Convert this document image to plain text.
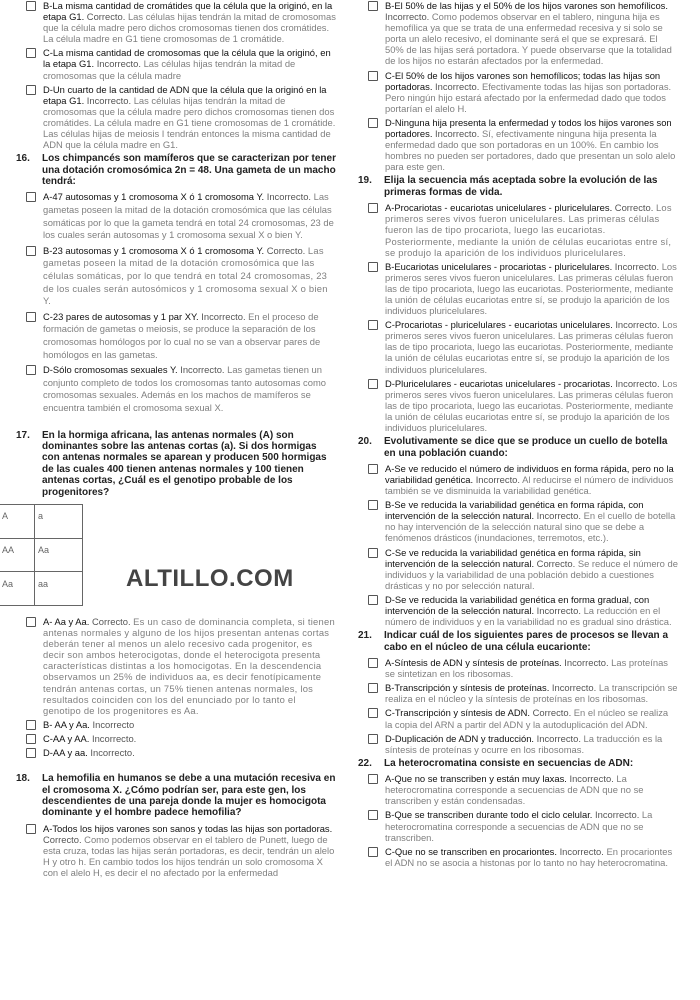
B-La misma cantidad de cromátides que la célula que la originó, en la etapa G1. Correcto. Las células hijas tendrán la mitad de cromosomas que la célula madre pero dichos cromosomas tienen dos cromátides. La célula madre en G1 tiene cromosomas de 1 cromátide.
C-La misma cantidad de cromosomas que la célula que la originó, en la etapa G1. Incorrecto. Las células hijas tendrán la mitad de cromosomas que la célula madre
D-Un cuarto de la cantidad de ADN que la célula que la originó en la etapa G1. Incorrecto. Las células hijas tendrán la mitad de cromosomas que la célula madre pero dichos cromosomas tienen dos cromátides. La célula madre en G1 tiene cromosomas de 1 cromátide. Las células hijas de meiosis I tendrán entonces la misma cantidad de ADN que la célula madre en G1.
16.	Los chimpancés son mamíferos que se caracterizan por tener una dotación cromosómica 2n = 48. Una gameta de un macho tendrá:
A-47 autosomas y 1 cromosoma X ó 1 cromosoma Y. Incorrecto. Las gametas poseen la mitad de la dotación cromosómica que las células somáticas por lo que la gameta tendrá en total 24 cromosomas, 23 de los cuales serán autosomas y 1 cromosoma sexual X o bien Y.
B-23 autosomas y 1 cromosoma X ó 1 cromosoma Y. Correcto. Las gametas poseen la mitad de la dotación cromosómica que las células somáticas, por lo que tendrá en total 24 cromosomas, 23 de los cuales serán autosómicos y 1 cromosoma sexual X o bien Y.
C-23 pares de autosomas y 1 par XY. Incorrecto. En el proceso de formación de gametas o meiosis, se produce la separación de los cromosomas homólogos por lo cual no se van a observar pares de homólogos en las gametas.
D-Sólo cromosomas sexuales Y. Incorrecto. Las gametas tienen un conjunto completo de todos los cromosomas tanto autosomas como cromosomas sexuales. Además en los machos de mamíferos se encuentra también el cromosoma sexual X.
17.	En la hormiga africana, las antenas normales (A) son dominantes sobre las antenas cortas (a). Si dos hormigas con antenas normales se aparean y producen 500 hormigas de las cuales 400 tienen antenas normales y 100 tienen antenas cortas, ¿Cuál es el genotipo probable de los progenitores?
A	a
AA	Aa
Aa	aa
A- Aa y Aa. Correcto. Es un caso de dominancia completa, si tienen antenas normales y alguno de los hijos presentan antenas cortas deberán tener al menos un alelo recesivo cada progenitor, es decir son ambos heterocigotas, donde el heterocigota presenta características distintas a los homocigotas. En la descendencia observamos un 25% de individuos aa, es decir fenotípicamente tendrán antenas cortas, un 75% tienen antenas normales, los resultados coinciden con los del enunciado por lo tanto el genotipo de los progenitores es Aa.
B- AA y Aa. Incorrecto
C-AA y AA. Incorrecto.
D-AA y aa. Incorrecto.
18.	La hemofilia en humanos se debe a una mutación recesiva en el cromosoma X. ¿Cómo podrían ser, para este gen, los descendientes de una pareja donde la mujer es homocigota dominante y el hombre padece hemofilia?
A-Todos los hijos varones son sanos y todas las hijas son portadoras. Correcto. Como podemos observar en el tablero de Punett, luego de esta cruza, todas las hijas serán portadoras, es decir, tendrán un alelo H y otro h. En cambio todos los hijos tendrán un solo cromosoma X con el alelo H, es decir el no afectado por la enfermedad
ALTILLO.COM
B-El 50% de las hijas y el 50% de los hijos varones son hemofílicos. Incorrecto. Como podemos observar en el tablero, ninguna hija es hemofílica ya que se trata de una enfermedad recesiva y si solo se porta un alelo recesivo, el dominante será el que se expresará. El 50% de las hijas será portadora. Y puede observarse que la totalidad de los hijos no estarán afectados por la enfermedad.
C-El 50% de los hijos varones son hemofílicos; todas las hijas son portadoras. Incorrecto. Efectivamente todas las hijas son portadoras. Pero ningún hijo estará afectado por la enfermedad dado que todos portarían el alelo H.
D-Ninguna hija presenta la enfermedad y todos los hijos varones son portadores. Incorrecto. Sí, efectivamente ninguna hija presenta la enfermedad dado que son portadoras en un 100%. En cambio los hombres no pueden ser portadores, dado que presentan un solo alelo para este gen.
19.	Elija la secuencia más aceptada sobre la evolución de las primeras formas de vida.
A-Procariotas - eucariotas unicelulares - pluricelulares. Correcto. Los primeros seres vivos fueron unicelulares. Las primeras células fueron las de tipo procariota, luego las eucariotas. Posteriormente, mediante la unión de células eucariotas entre sí, se produjo la aparición de los individuos pluricelulares.
B-Eucariotas unicelulares - procariotas - pluricelulares. Incorrecto. Los primeros seres vivos fueron unicelulares. Las primeras células fueron las de tipo procariota, luego las eucariotas. Posteriormente, mediante la unión de células eucariotas entre sí, se produjo la aparición de los individuos pluricelulares.
C-Procariotas - pluricelulares - eucariotas unicelulares. Incorrecto. Los primeros seres vivos fueron unicelulares. Las primeras células fueron las de tipo procariota, luego las eucariotas. Posteriormente, mediante la unión de células eucariotas entre sí, se produjo la aparición de los individuos pluricelulares.
D-Pluricelulares - eucariotas unicelulares - procariotas. Incorrecto. Los primeros seres vivos fueron unicelulares. Las primeras células fueron las de tipo procariota, luego las eucariotas. Posteriormente, mediante la unión de células eucariotas entre sí, se produjo la aparición de los individuos pluricelulares.
20.	Evolutivamente se dice que se produce un cuello de botella en una población cuando:
A-Se ve reducido el número de individuos en forma rápida, pero no la variabilidad genética. Incorrecto. Al reducirse el número de individuos también se ve disminuida la variabilidad genética.
B-Se ve reducida la variabilidad genética en forma rápida, con intervención de la selección natural. Incorrecto. En el cuello de botella no hay intervención de la selección natural sino que se debe a fenómenos drásticos (inundaciones, terremotos, etc.).
C-Se ve reducida la variabilidad genética en forma rápida, sin intervención de la selección natural. Correcto. Se reduce el número de individuos y la variabilidad de una población debido a cuestiones drásticas y no por selección natural.
D-Se ve reducida la variabilidad genética en forma gradual, con intervención de la selección natural. Incorrecto. La reducción en el número de individuos y en la variabilidad no es gradual sino drástica.
21.	Indicar cuál de los siguientes pares de procesos se llevan a cabo en el núcleo de una célula eucarionte:
A-Síntesis de ADN y síntesis de proteínas. Incorrecto. Las proteínas se sintetizan en los ribosomas.
B-Transcripción y síntesis de proteínas. Incorrecto. La transcripción se realiza en el núcleo y la síntesis de proteínas en los ribosomas.
C-Transcripción y síntesis de ADN. Correcto. En el núcleo se realiza la copia del ARN a partir del ADN y la autoduplicación del ADN.
D-Duplicación de ADN y traducción. Incorrecto. La traducción es la síntesis de proteínas y ocurre en los ribosomas.
22.	La heterocromatina consiste en secuencias de ADN:
A-Que no se transcriben y están muy laxas. Incorrecto. La heterocromatina corresponde a secuencias de ADN que no se transcriben y están condensadas.
B-Que se transcriben durante todo el ciclo celular. Incorrecto. La heterocromatina corresponde a secuencias de ADN que no se transcriben.
C-Que no se transcriben en procariontes. Incorrecto. En procariontes el ADN no se asocia a histonas por lo tanto no hay heterocromatina.
